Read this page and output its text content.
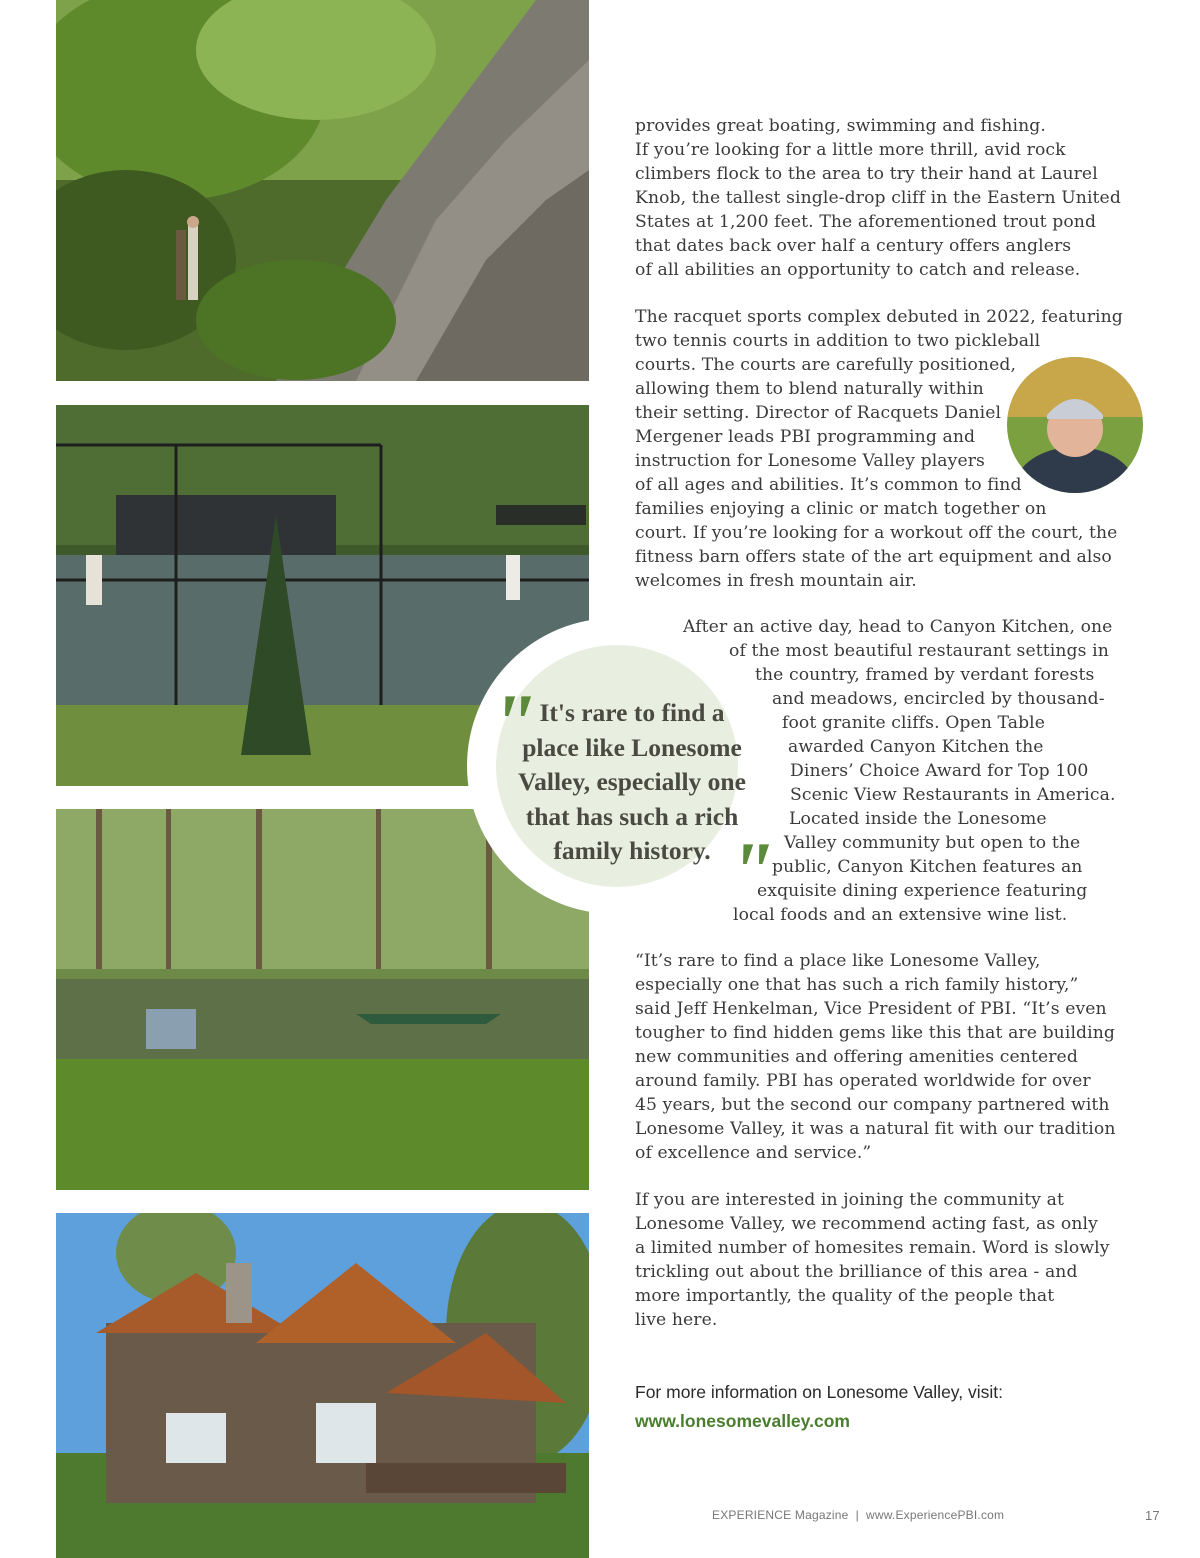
provides great boating, swimming and fishing.
If you’re looking for a little more thrill, avid rock
climbers flock to the area to try their hand at Laurel
Knob, the tallest single-drop cliff in the Eastern United
States at 1,200 feet. The aforementioned trout pond
that dates back over half a century offers anglers
of all abilities an opportunity to catch and release.
The racquet sports complex debuted in 2022, featuring
two tennis courts in addition to two pickleball
courts. The courts are carefully positioned,
allowing them to blend naturally within
their setting. Director of Racquets Daniel
Mergener leads PBI programming and
instruction for Lonesome Valley players
of all ages and abilities. It’s common to find
families enjoying a clinic or match together on
court. If you’re looking for a workout off the court, the
fitness barn offers state of the art equipment and also
welcomes in fresh mountain air.
" It's rare to find a
place like Lonesome
Valley, especially one
that has such a rich
family history. "
After an active day, head to Canyon Kitchen, one
of the most beautiful restaurant settings in
the country, framed by verdant forests
and meadows, encircled by thousand-
foot granite cliffs. Open Table
awarded Canyon Kitchen the
Diners’ Choice Award for Top 100
Scenic View Restaurants in America.
Located inside the Lonesome
Valley community but open to the
public, Canyon Kitchen features an
exquisite dining experience featuring
local foods and an extensive wine list.
“It’s rare to find a place like Lonesome Valley,
especially one that has such a rich family history,”
said Jeff Henkelman, Vice President of PBI. “It’s even
tougher to find hidden gems like this that are building
new communities and offering amenities centered
around family. PBI has operated worldwide for over
45 years, but the second our company partnered with
Lonesome Valley, it was a natural fit with our tradition
of excellence and service.”
If you are interested in joining the community at
Lonesome Valley, we recommend acting fast, as only
a limited number of homesites remain. Word is slowly
trickling out about the brilliance of this area - and
more importantly, the quality of the people that
live here.
For more information on Lonesome Valley, visit:
www.lonesomevalley.com
EXPERIENCE Magazine  |  www.ExperiencePBI.com	17
